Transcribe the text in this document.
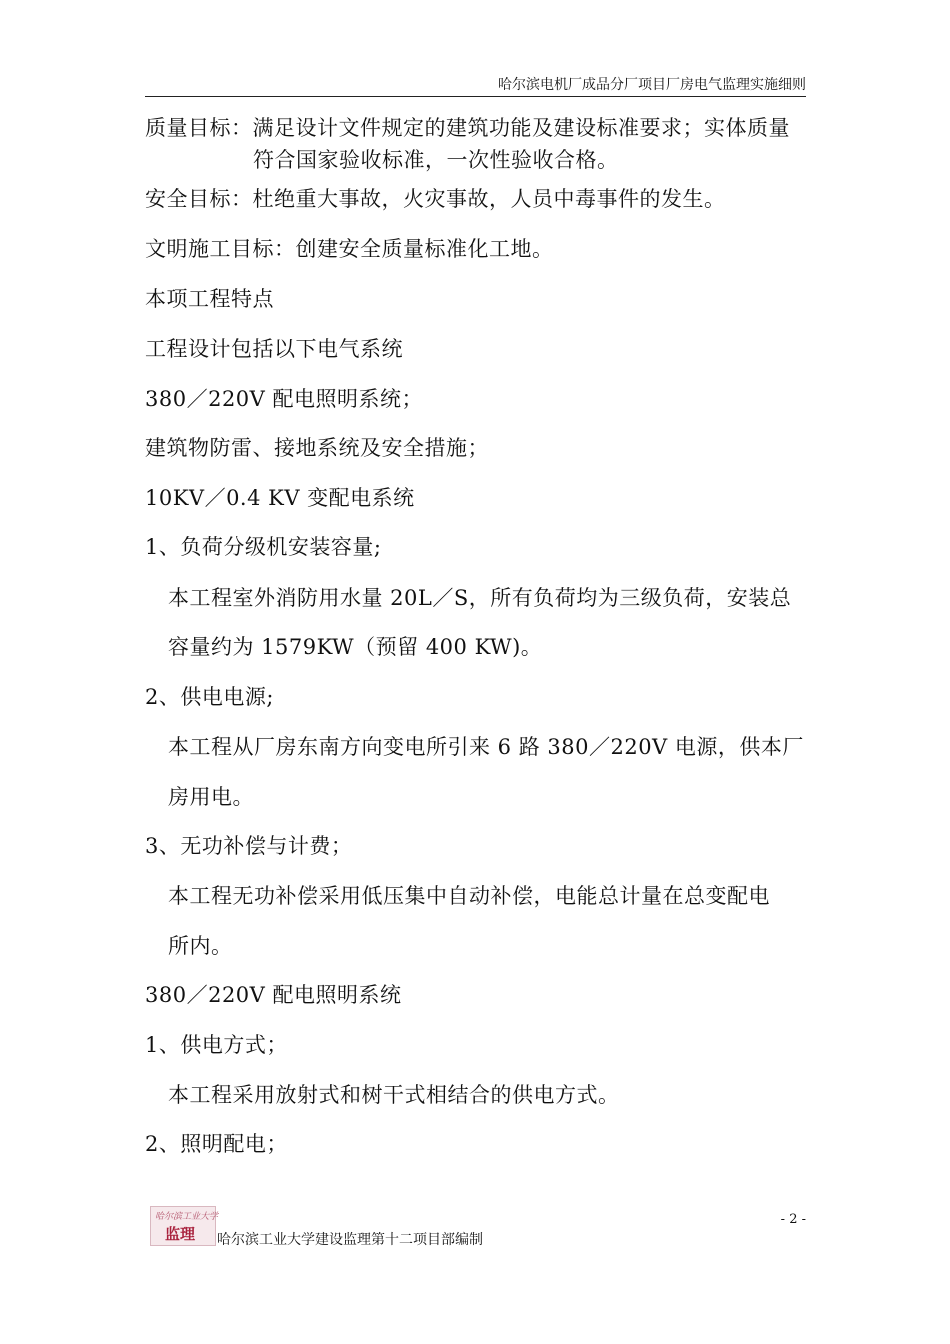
哈尔滨电机厂成品分厂项目厂房电气监理实施细则
质量目标：满足设计文件规定的建筑功能及建设标准要求；实体质量
符合国家验收标准，一次性验收合格。
安全目标：杜绝重大事故，火灾事故，人员中毒事件的发生。
文明施工目标：创建安全质量标准化工地。
本项工程特点
工程设计包括以下电气系统
380／220V 配电照明系统；
建筑物防雷、接地系统及安全措施；
10KV／0.4 KV 变配电系统
1、负荷分级机安装容量;
本工程室外消防用水量 20L／S，所有负荷均为三级负荷，安装总
容量约为 1579KW（预留 400 KW)。
2、供电电源;
本工程从厂房东南方向变电所引来 6 路 380／220V 电源，供本厂
房用电。
3、无功补偿与计费；
本工程无功补偿采用低压集中自动补偿，电能总计量在总变配电
所内。
380／220V 配电照明系统
1、供电方式；
本工程采用放射式和树干式相结合的供电方式。
2、照明配电；
哈尔滨工业大学
监理 哈尔滨工业大学建设监理第十二项目部编制
- 2 -
